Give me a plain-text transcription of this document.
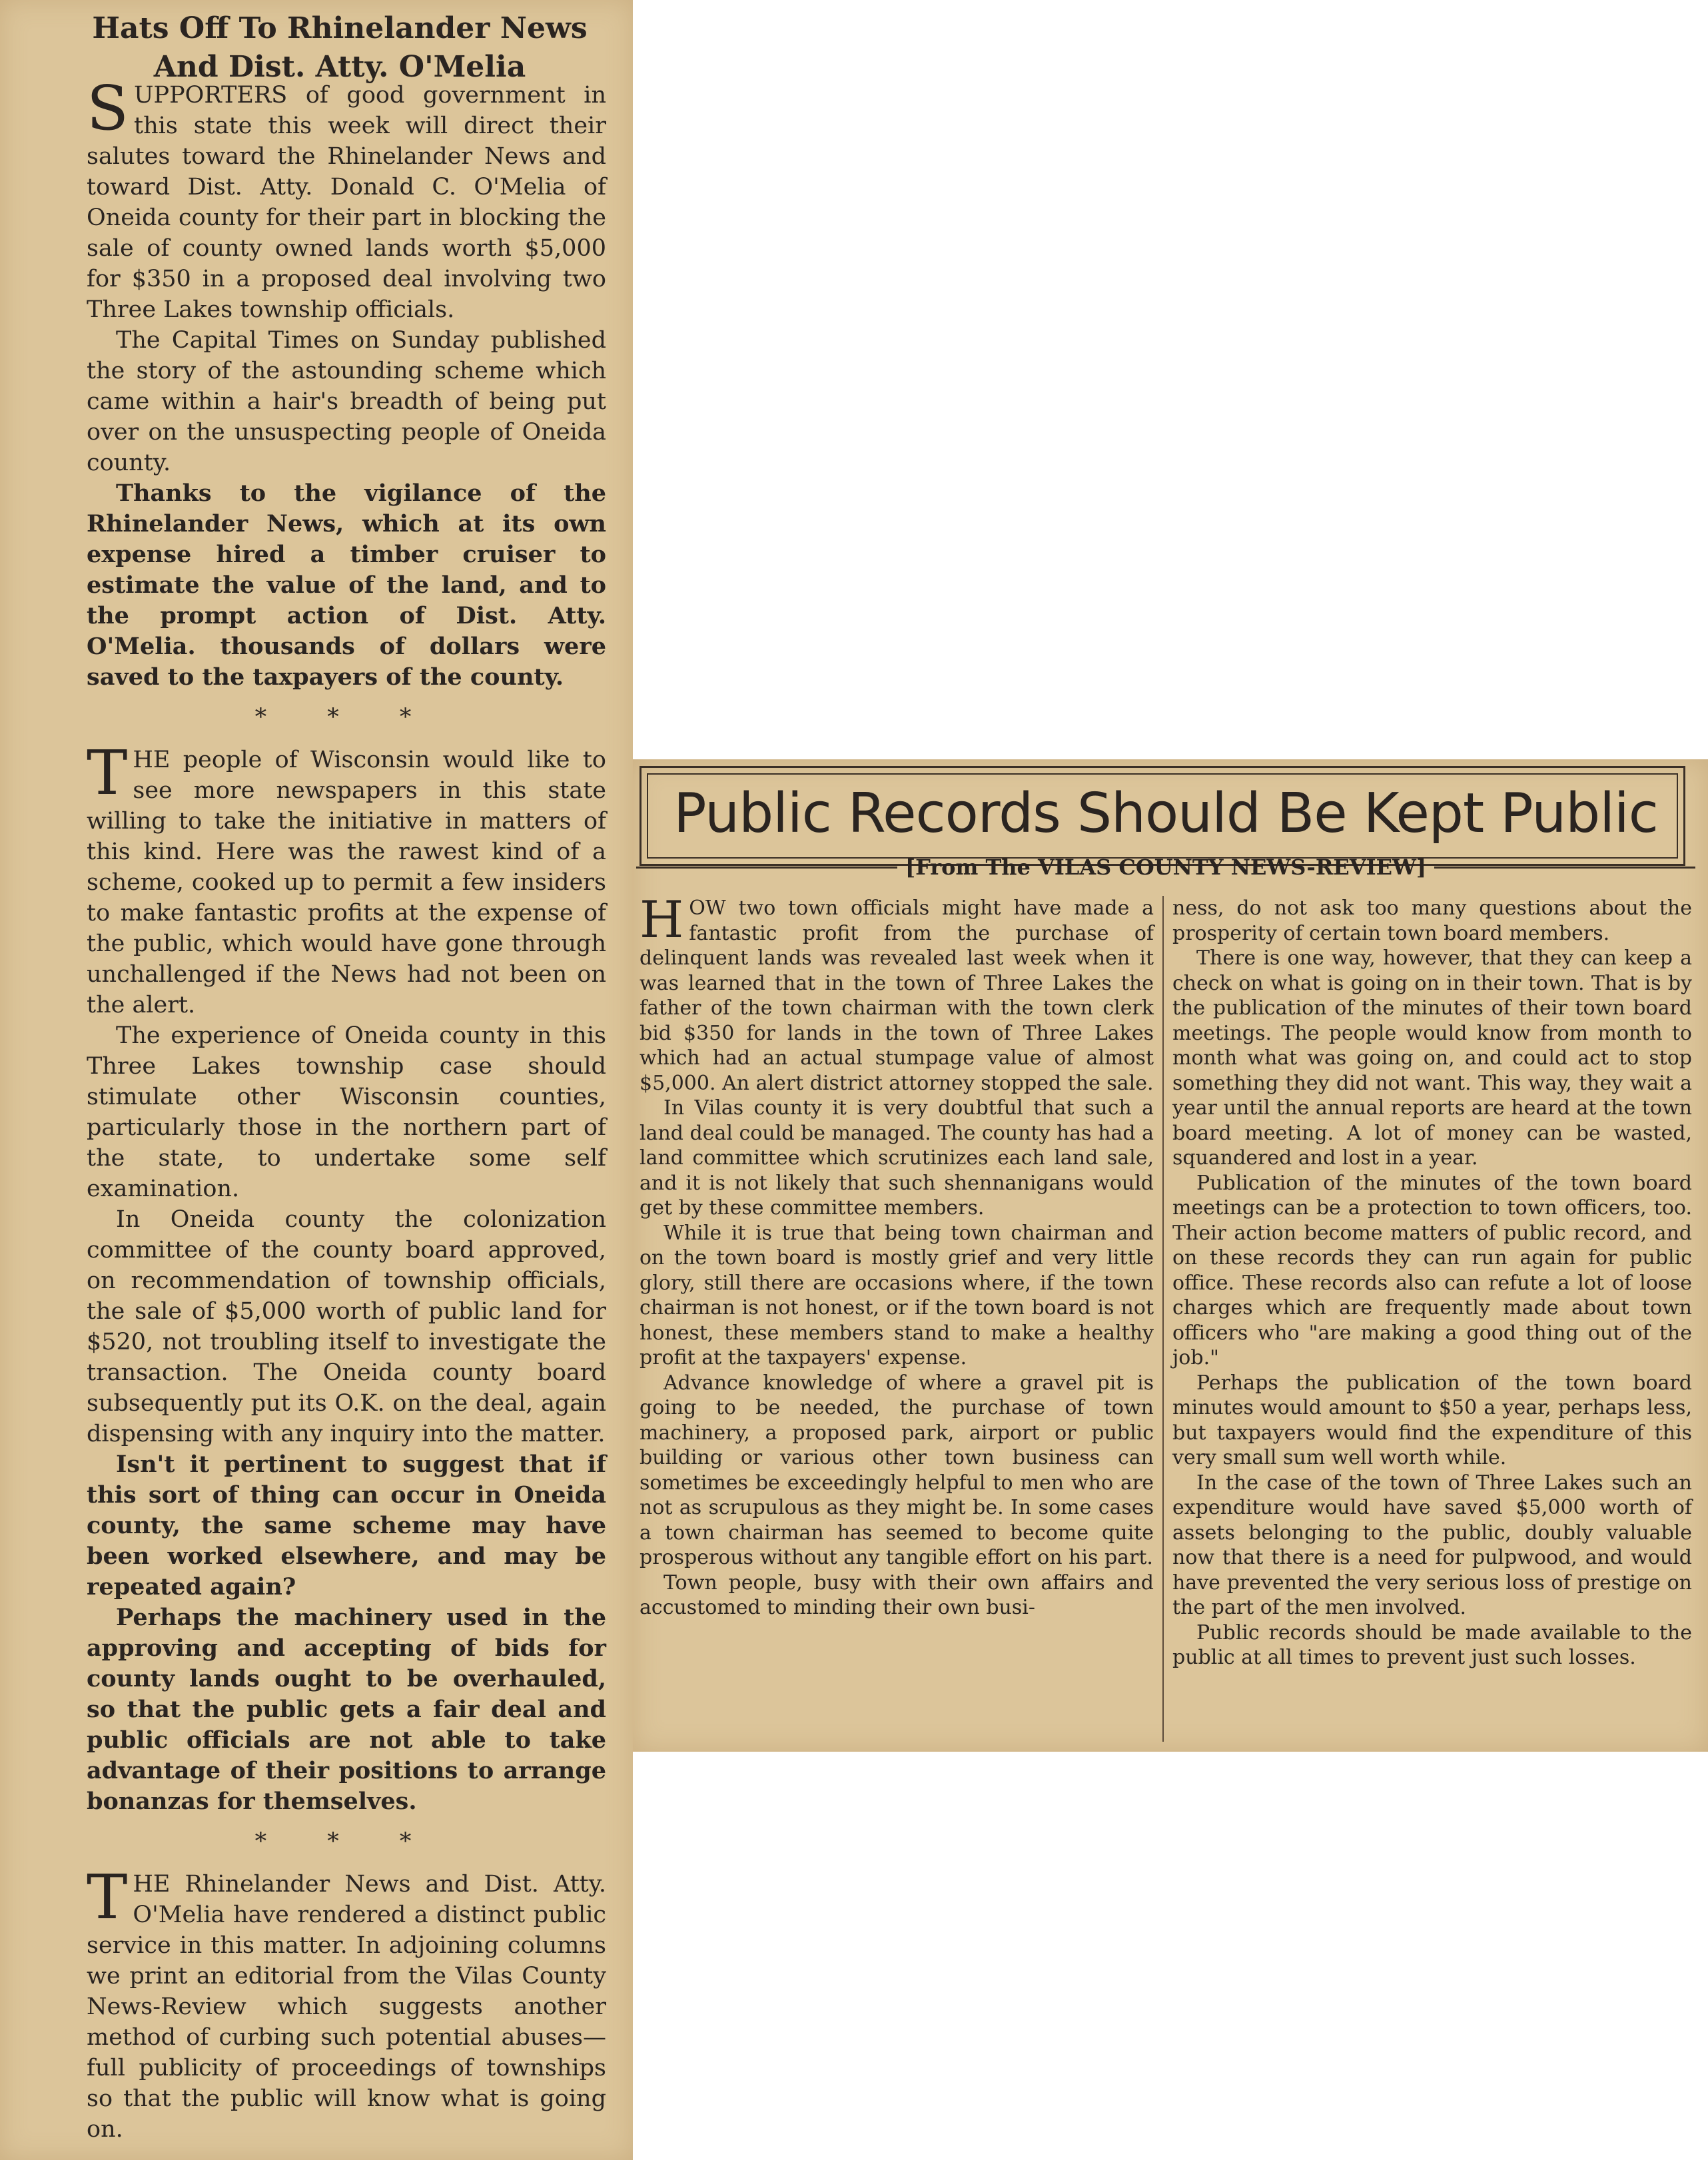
Hats Off To Rhinelander News
And Dist. Atty. O'Melia

SUPPORTERS of good government in this state this week will direct their salutes toward the Rhinelander News and toward Dist. Atty. Donald C. O'Melia of Oneida county for their part in blocking the sale of county owned lands worth $5,000 for $350 in a proposed deal involving two Three Lakes township officials.

The Capital Times on Sunday published the story of the astounding scheme which came within a hair's breadth of being put over on the unsuspecting people of Oneida county.

Thanks to the vigilance of the Rhinelander News, which at its own expense hired a timber cruiser to estimate the value of the land, and to the prompt action of Dist. Atty. O'Melia. thousands of dollars were saved to the taxpayers of the county.

* * *

THE people of Wisconsin would like to see more newspapers in this state willing to take the initiative in matters of this kind. Here was the rawest kind of a scheme, cooked up to permit a few insiders to make fantastic profits at the expense of the public, which would have gone through unchallenged if the News had not been on the alert.

The experience of Oneida county in this Three Lakes township case should stimulate other Wisconsin counties, particularly those in the northern part of the state, to undertake some self examination.

In Oneida county the colonization committee of the county board approved, on recommendation of township officials, the sale of $5,000 worth of public land for $520, not troubling itself to investigate the transaction. The Oneida county board subsequently put its O.K. on the deal, again dispensing with any inquiry into the matter.

Isn't it pertinent to suggest that if this sort of thing can occur in Oneida county, the same scheme may have been worked elsewhere, and may be repeated again?

Perhaps the machinery used in the approving and accepting of bids for county lands ought to be overhauled, so that the public gets a fair deal and public officials are not able to take advantage of their positions to arrange bonanzas for themselves.

* * *

THE Rhinelander News and Dist. Atty. O'Melia have rendered a distinct public service in this matter. In adjoining columns we print an editorial from the Vilas County News-Review which suggests another method of curbing such potential abuses—full publicity of proceedings of townships so that the public will know what is going on.

Public Records Should Be Kept Public
[From The VILAS COUNTY NEWS-REVIEW]

HOW two town officials might have made a fantastic profit from the purchase of delinquent lands was revealed last week when it was learned that in the town of Three Lakes the father of the town chairman with the town clerk bid $350 for lands in the town of Three Lakes which had an actual stumpage value of almost $5,000. An alert district attorney stopped the sale.

In Vilas county it is very doubtful that such a land deal could be managed. The county has had a land committee which scrutinizes each land sale, and it is not likely that such shennanigans would get by these committee members.

While it is true that being town chairman and on the town board is mostly grief and very little glory, still there are occasions where, if the town chairman is not honest, or if the town board is not honest, these members stand to make a healthy profit at the taxpayers' expense.

Advance knowledge of where a gravel pit is going to be needed, the purchase of town machinery, a proposed park, airport or public building or various other town business can sometimes be exceedingly helpful to men who are not as scrupulous as they might be. In some cases a town chairman has seemed to become quite prosperous without any tangible effort on his part.

Town people, busy with their own affairs and accustomed to minding their own busi-

ness, do not ask too many questions about the prosperity of certain town board members.

There is one way, however, that they can keep a check on what is going on in their town. That is by the publication of the minutes of their town board meetings. The people would know from month to month what was going on, and could act to stop something they did not want. This way, they wait a year until the annual reports are heard at the town board meeting. A lot of money can be wasted, squandered and lost in a year.

Publication of the minutes of the town board meetings can be a protection to town officers, too. Their action become matters of public record, and on these records they can run again for public office. These records also can refute a lot of loose charges which are frequently made about town officers who "are making a good thing out of the job."

Perhaps the publication of the town board minutes would amount to $50 a year, perhaps less, but taxpayers would find the expenditure of this very small sum well worth while.

In the case of the town of Three Lakes such an expenditure would have saved $5,000 worth of assets belonging to the public, doubly valuable now that there is a need for pulpwood, and would have prevented the very serious loss of prestige on the part of the men involved.

Public records should be made available to the public at all times to prevent just such losses.
